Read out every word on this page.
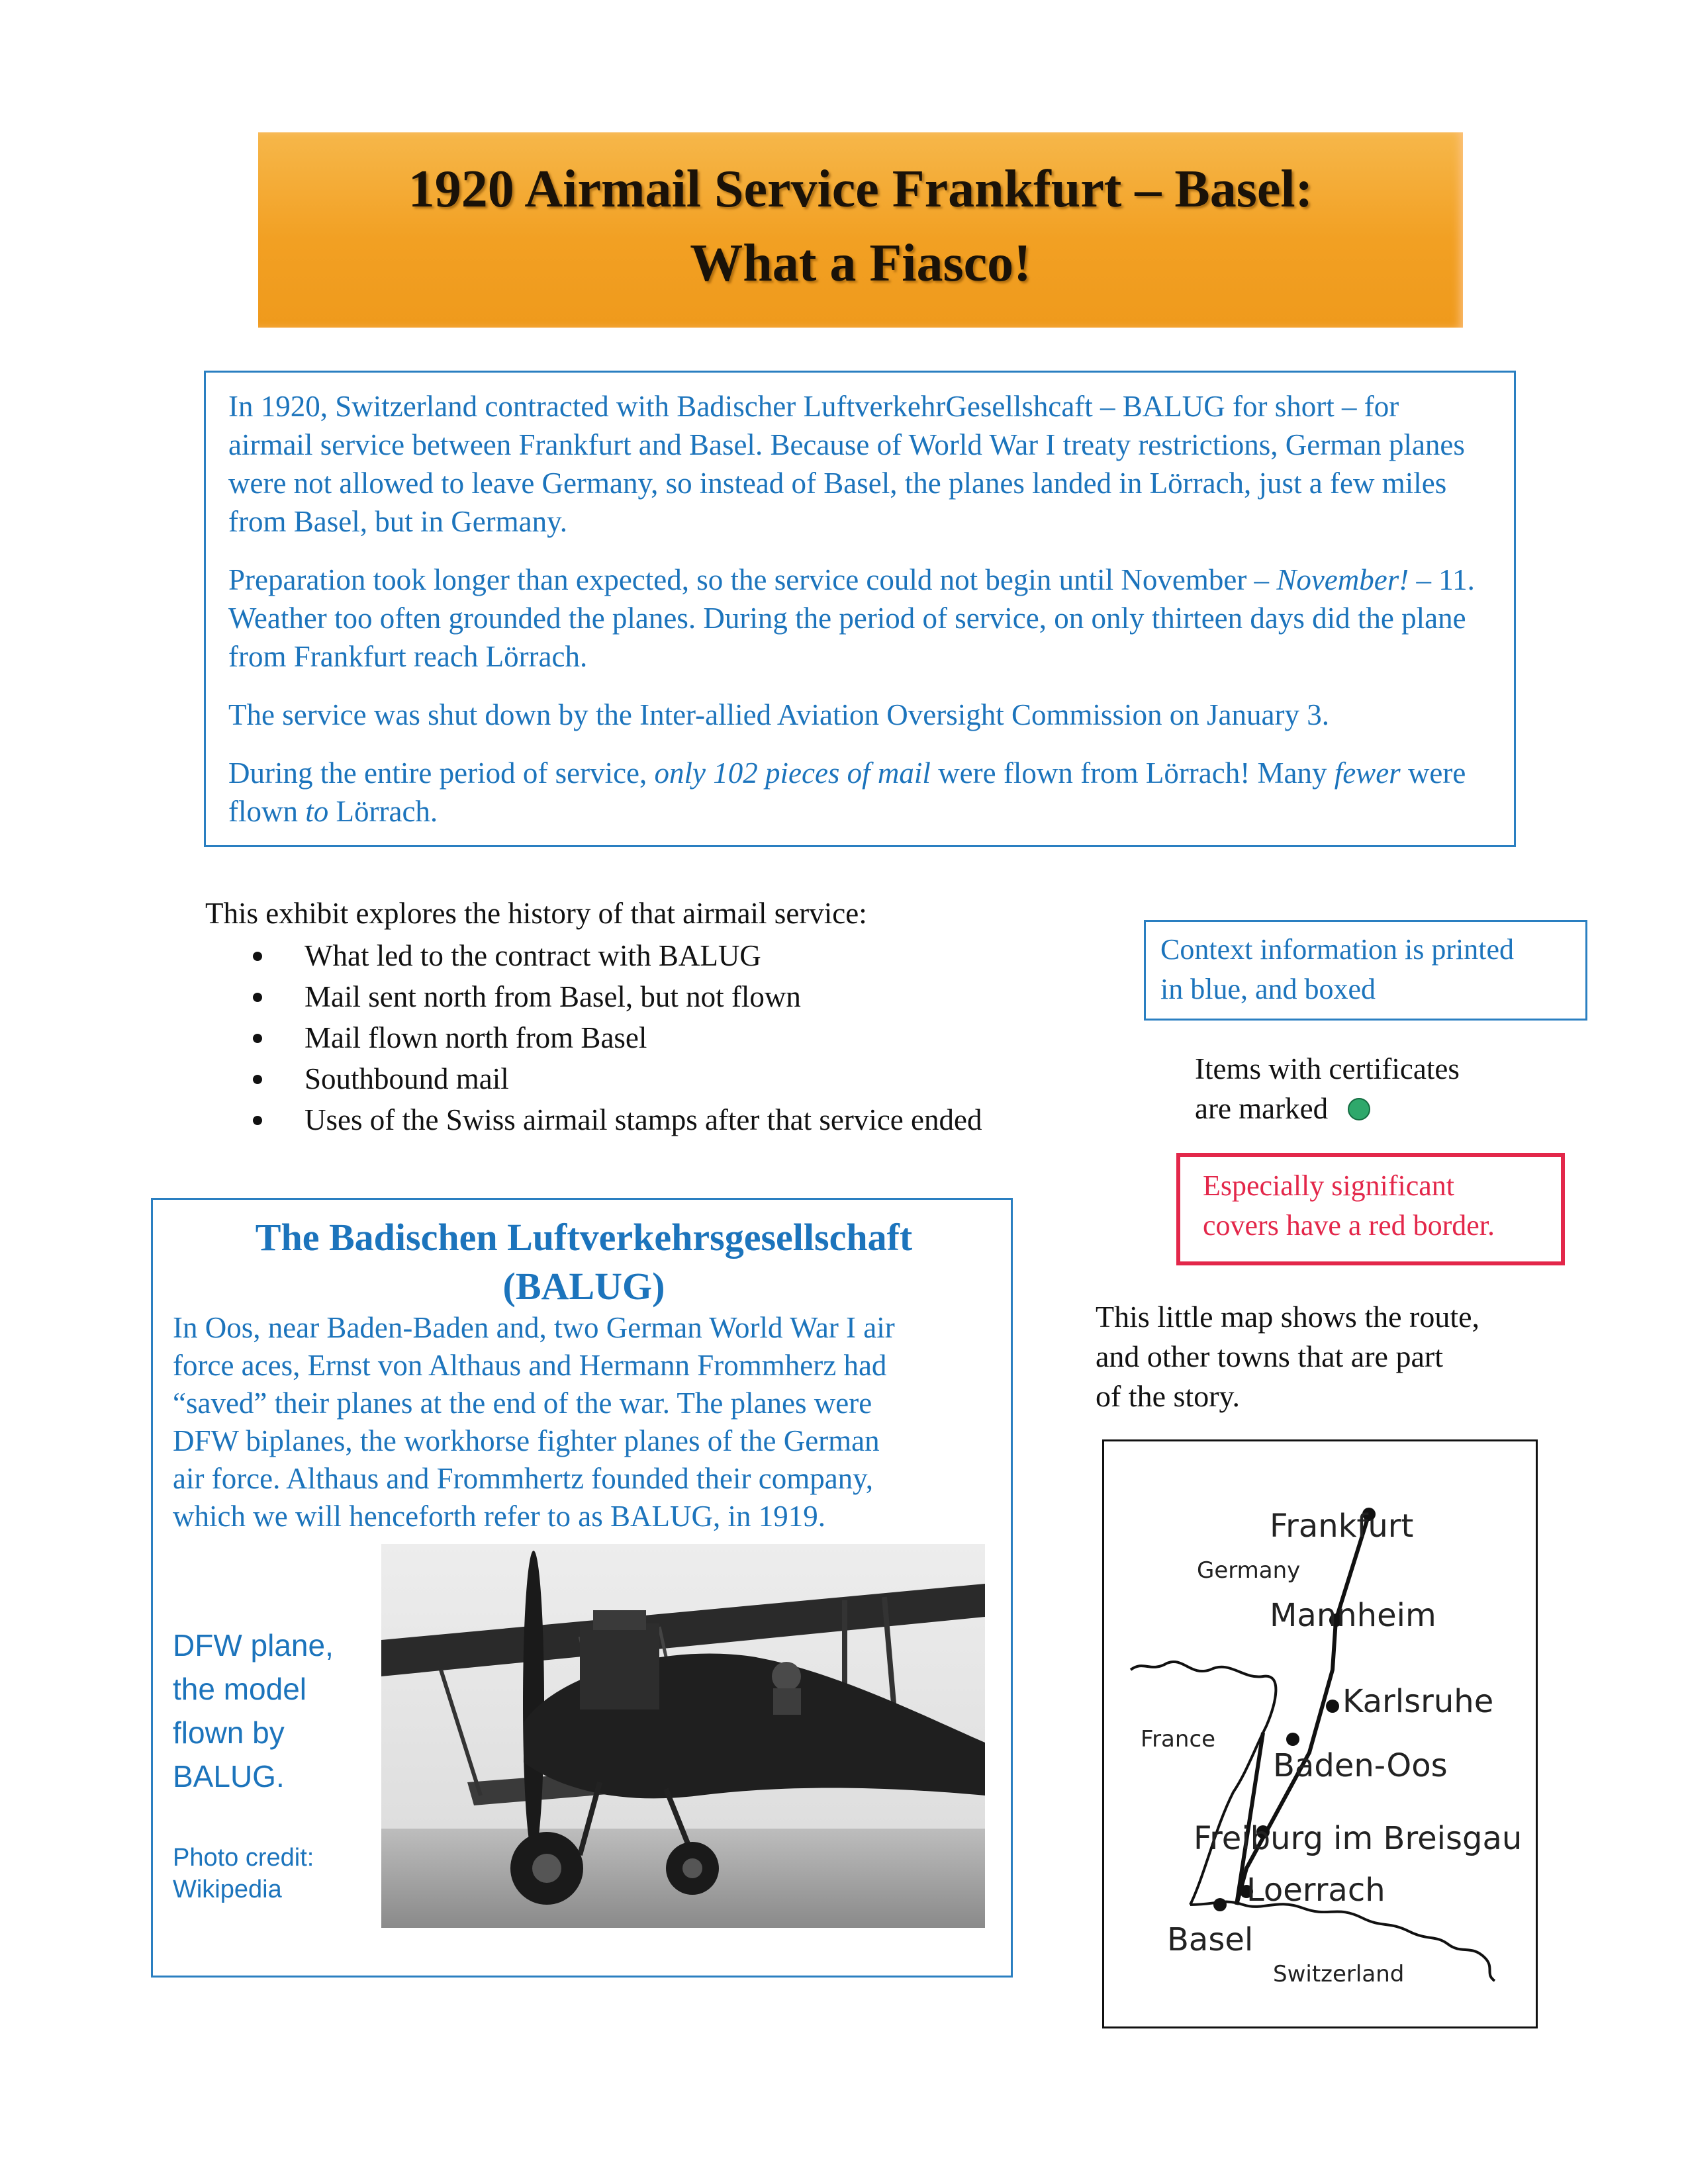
1920 Airmail Service Frankfurt – Basel:
What a Fiasco!

In 1920, Switzerland contracted with Badischer LuftverkehrGesellshcaft – BALUG for short – for airmail service between Frankfurt and Basel. Because of World War I treaty restrictions, German planes were not allowed to leave Germany, so instead of Basel, the planes landed in Lörrach, just a few miles from Basel, but in Germany.

Preparation took longer than expected, so the service could not begin until November – November! – 11. Weather too often grounded the planes. During the period of service, on only thirteen days did the plane from Frankfurt reach Lörrach.

The service was shut down by the Inter-allied Aviation Oversight Commission on January 3.

During the entire period of service, only 102 pieces of mail were flown from Lörrach! Many fewer were flown to Lörrach.

This exhibit explores the history of that airmail service:
What led to the contract with BALUG
Mail sent north from Basel, but not flown
Mail flown north from Basel
Southbound mail
Uses of the Swiss airmail stamps after that service ended
Context information is printed
in blue, and boxed
Items with certificates
are marked
Especially significant
covers have a red border.
This little map shows the route,
and other towns that are part
of the story.
The Badischen Luftverkehrsgesellschaft
(BALUG)
In Oos, near Baden-Baden and, two German World War I air
force aces, Ernst von Althaus and Hermann Frommherz had
“saved” their planes at the end of the war. The planes were
DFW biplanes, the workhorse fighter planes of the German
air force. Althaus and Frommhertz founded their company,
which we will henceforth refer to as BALUG, in 1919.
DFW plane,
the model
flown by
BALUG.
Photo credit:
Wikipedia
Frankfurt
Germany
Mannheim
Karlsruhe
France
Baden-Oos
Freiburg im Breisgau
Loerrach
Basel
Switzerland
